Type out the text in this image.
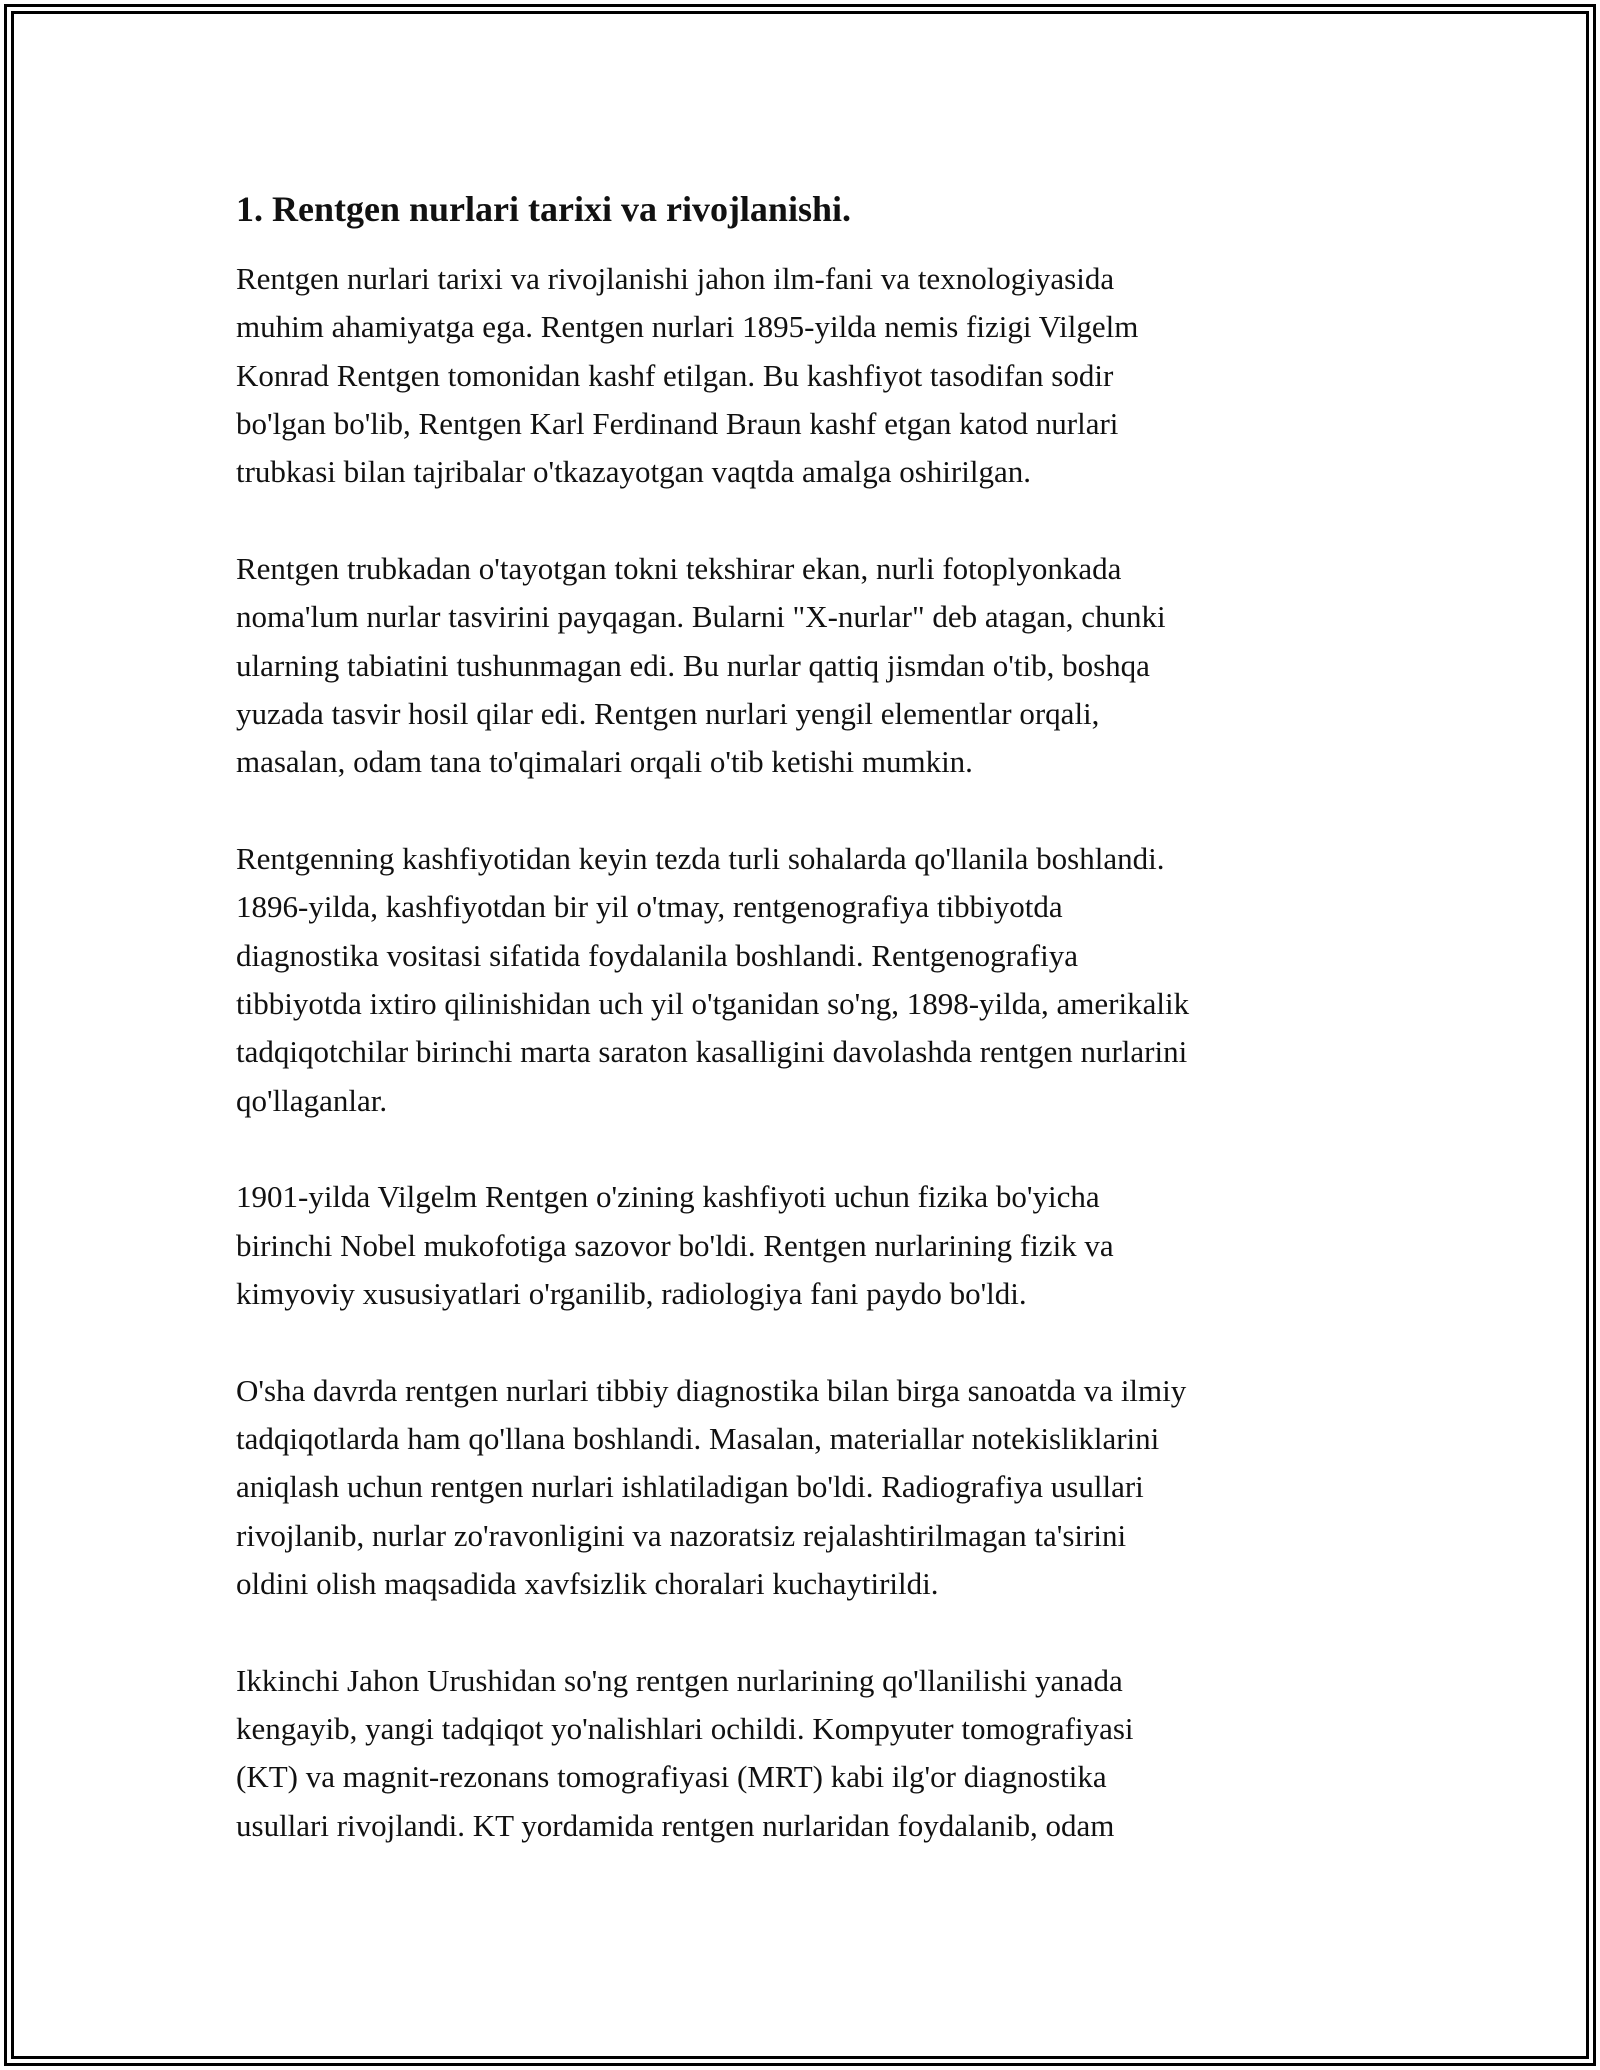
1. Rentgen nurlari tarixi va rivojlanishi.

Rentgen nurlari tarixi va rivojlanishi jahon ilm-fani va texnologiyasida
muhim ahamiyatga ega. Rentgen nurlari 1895-yilda nemis fizigi Vilgelm
Konrad Rentgen tomonidan kashf etilgan. Bu kashfiyot tasodifan sodir
bo'lgan bo'lib, Rentgen Karl Ferdinand Braun kashf etgan katod nurlari
trubkasi bilan tajribalar o'tkazayotgan vaqtda amalga oshirilgan.

Rentgen trubkadan o'tayotgan tokni tekshirar ekan, nurli fotoplyonkada
noma'lum nurlar tasvirini payqagan. Bularni "X-nurlar" deb atagan, chunki
ularning tabiatini tushunmagan edi. Bu nurlar qattiq jismdan o'tib, boshqa
yuzada tasvir hosil qilar edi. Rentgen nurlari yengil elementlar orqali,
masalan, odam tana to'qimalari orqali o'tib ketishi mumkin.

Rentgenning kashfiyotidan keyin tezda turli sohalarda qo'llanila boshlandi.
1896-yilda, kashfiyotdan bir yil o'tmay, rentgenografiya tibbiyotda
diagnostika vositasi sifatida foydalanila boshlandi. Rentgenografiya
tibbiyotda ixtiro qilinishidan uch yil o'tganidan so'ng, 1898-yilda, amerikalik
tadqiqotchilar birinchi marta saraton kasalligini davolashda rentgen nurlarini
qo'llaganlar.

1901-yilda Vilgelm Rentgen o'zining kashfiyoti uchun fizika bo'yicha
birinchi Nobel mukofotiga sazovor bo'ldi. Rentgen nurlarining fizik va
kimyoviy xususiyatlari o'rganilib, radiologiya fani paydo bo'ldi.

O'sha davrda rentgen nurlari tibbiy diagnostika bilan birga sanoatda va ilmiy
tadqiqotlarda ham qo'llana boshlandi. Masalan, materiallar notekisliklarini
aniqlash uchun rentgen nurlari ishlatiladigan bo'ldi. Radiografiya usullari
rivojlanib, nurlar zo'ravonligini va nazoratsiz rejalashtirilmagan ta'sirini
oldini olish maqsadida xavfsizlik choralari kuchaytirildi.

Ikkinchi Jahon Urushidan so'ng rentgen nurlarining qo'llanilishi yanada
kengayib, yangi tadqiqot yo'nalishlari ochildi. Kompyuter tomografiyasi
(KT) va magnit-rezonans tomografiyasi (MRT) kabi ilg'or diagnostika
usullari rivojlandi. KT yordamida rentgen nurlaridan foydalanib, odam
